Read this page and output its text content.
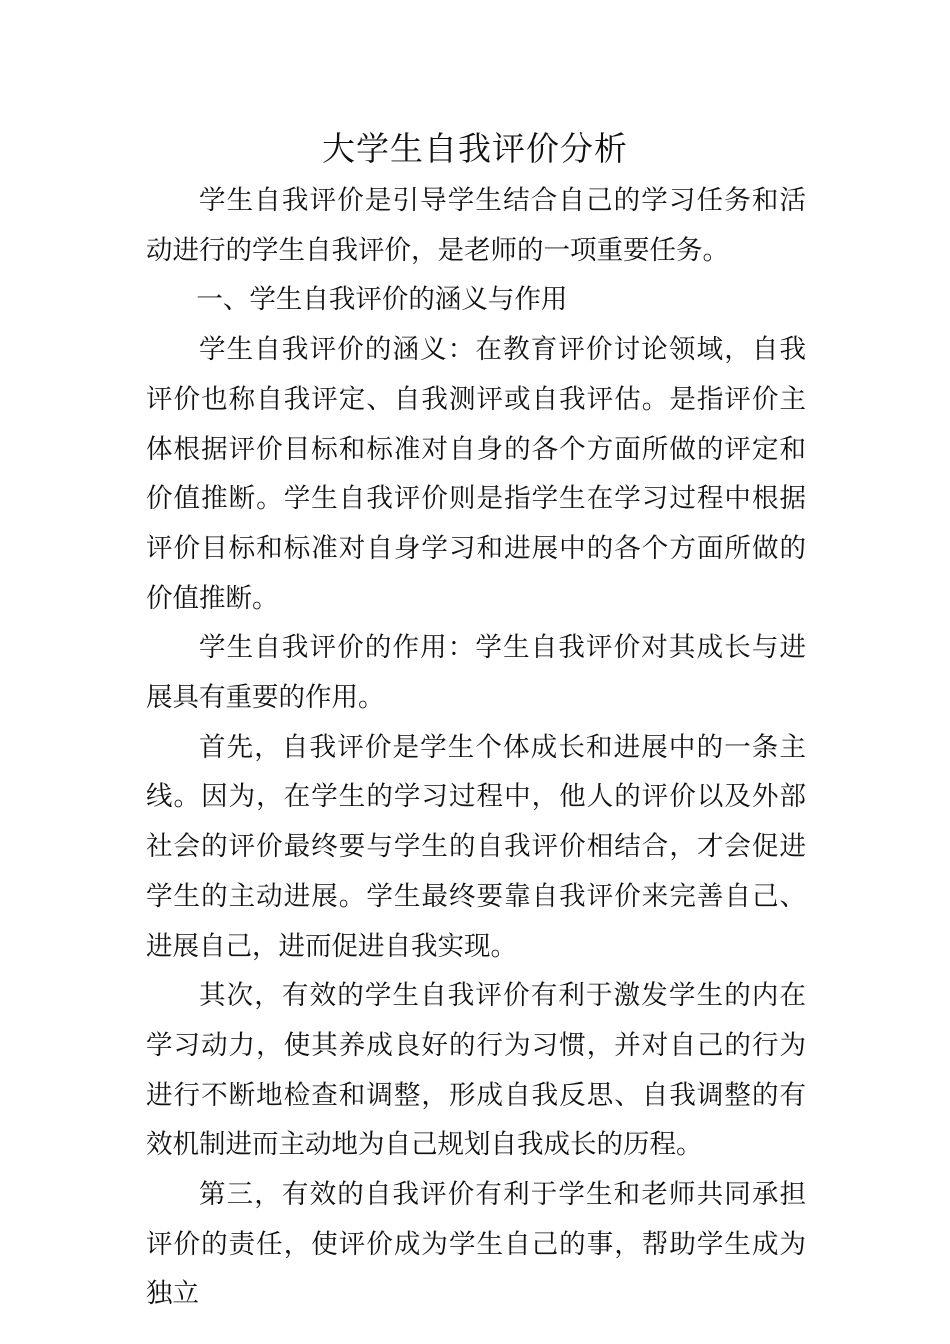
大学生自我评价分析

学生自我评价是引导学生结合自己的学习任务和活动进行的学生自我评价，是老师的一项重要任务。

一、学生自我评价的涵义与作用

学生自我评价的涵义：在教育评价讨论领域，自我评价也称自我评定、自我测评或自我评估。是指评价主体根据评价目标和标准对自身的各个方面所做的评定和价值推断。学生自我评价则是指学生在学习过程中根据评价目标和标准对自身学习和进展中的各个方面所做的价值推断。

学生自我评价的作用：学生自我评价对其成长与进展具有重要的作用。

首先，自我评价是学生个体成长和进展中的一条主线。因为，在学生的学习过程中，他人的评价以及外部社会的评价最终要与学生的自我评价相结合，才会促进学生的主动进展。学生最终要靠自我评价来完善自己、进展自己，进而促进自我实现。

其次，有效的学生自我评价有利于激发学生的内在学习动力，使其养成良好的行为习惯，并对自己的行为进行不断地检查和调整，形成自我反思、自我调整的有效机制进而主动地为自己规划自我成长的历程。

第三，有效的自我评价有利于学生和老师共同承担评价的责任，使评价成为学生自己的事，帮助学生成为独立
